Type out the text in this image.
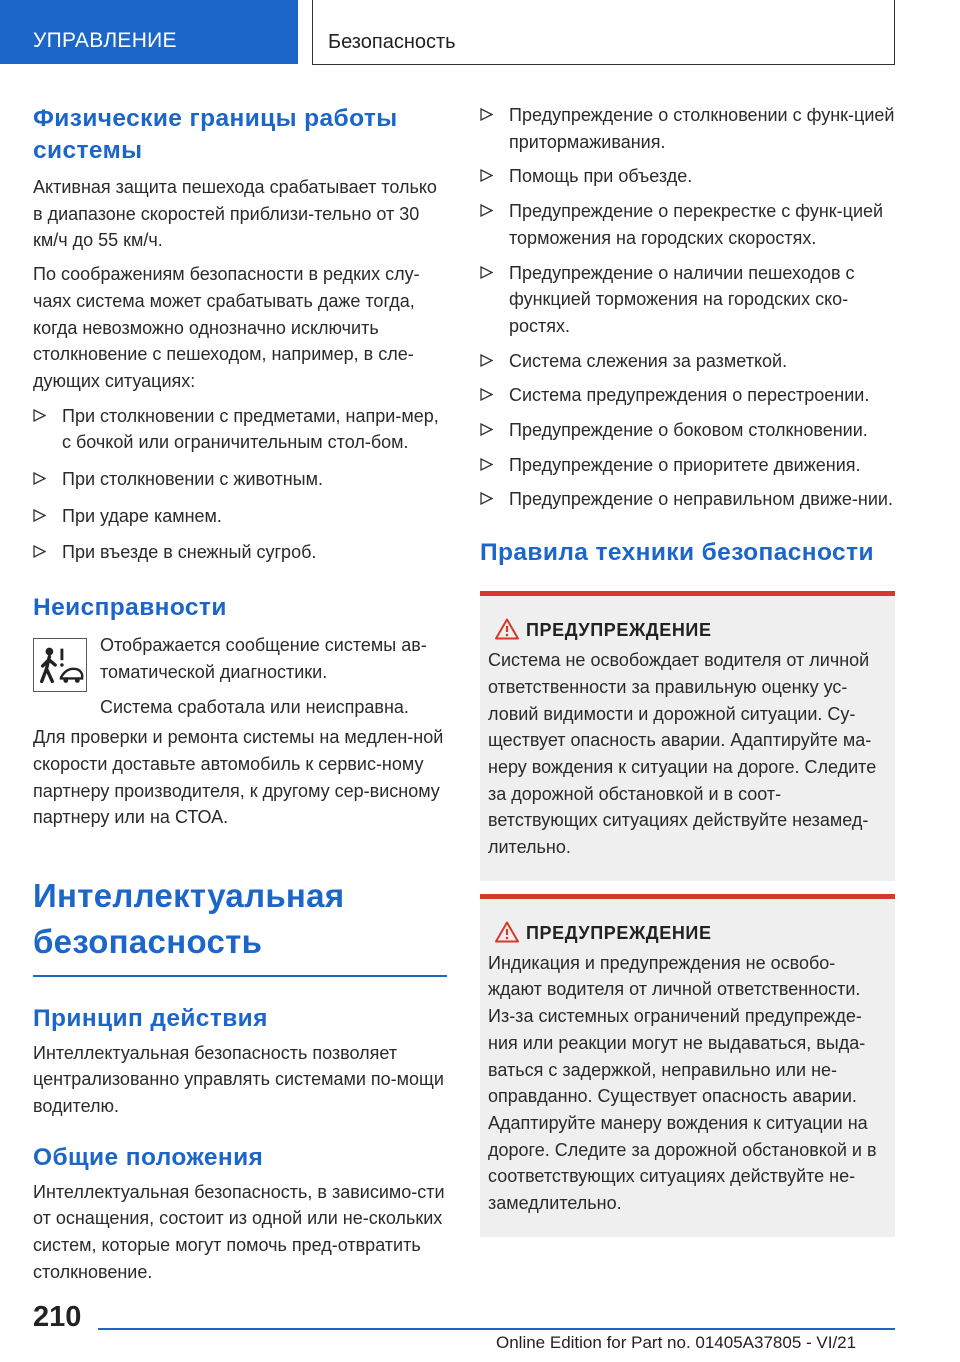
УПРАВЛЕНИЕ	Безопасность
Физические границы работы системы

Активная защита пешехода срабатывает только в диапазоне скоростей приблизи-тельно от 30 км/ч до 55 км/ч.

По соображениям безопасности в редких слу-чаях система может срабатывать даже тогда, когда невозможно однозначно исключить столкновение с пешеходом, например, в сле-дующих ситуациях:

При столкновении с предметами, напри-мер, с бочкой или ограничительным стол-бом.
При столкновении с животным.
При ударе камнем.
При въезде в снежный сугроб.
Неисправности

Отображается сообщение системы ав-томатической диагностики.

Система сработала или неисправна.

Для проверки и ремонта системы на медлен-ной скорости доставьте автомобиль к сервис-ному партнеру производителя, к другому сер-висному партнеру или на СТОА.

Интеллектуальная безопасность
Принцип действия

Интеллектуальная безопасность позволяет централизованно управлять системами по-мощи водителю.

Общие положения

Интеллектуальная безопасность, в зависимо-сти от оснащения, состоит из одной или не-скольких систем, которые могут помочь пред-отвратить столкновение.

Предупреждение о столкновении с функ-цией притормаживания.
Помощь при объезде.
Предупреждение о перекрестке с функ-цией торможения на городских скоростях.
Предупреждение о наличии пешеходов с функцией торможения на городских ско-ростях.
Система слежения за разметкой.
Система предупреждения о перестроении.
Предупреждение о боковом столкновении.
Предупреждение о приоритете движения.
Предупреждение о неправильном движе-нии.
Правила техники безопасности
ПРЕДУПРЕЖДЕНИЕ

Система не освобождает водителя от личной ответственности за правильную оценку ус-ловий видимости и дорожной ситуации. Су-ществует опасность аварии. Адаптируйте ма-неру вождения к ситуации на дороге. Следите за дорожной обстановкой и в соот-ветствующих ситуациях действуйте незамед-лительно.

ПРЕДУПРЕЖДЕНИЕ

Индикация и предупреждения не освобо-ждают водителя от личной ответственности. Из-за системных ограничений предупрежде-ния или реакции могут не выдаваться, выда-ваться с задержкой, неправильно или не-оправданно. Существует опасность аварии. Адаптируйте манеру вождения к ситуации на дороге. Следите за дорожной обстановкой и в соответствующих ситуациях действуйте не-замедлительно.

210
Online Edition for Part no. 01405A37805 - VI/21
